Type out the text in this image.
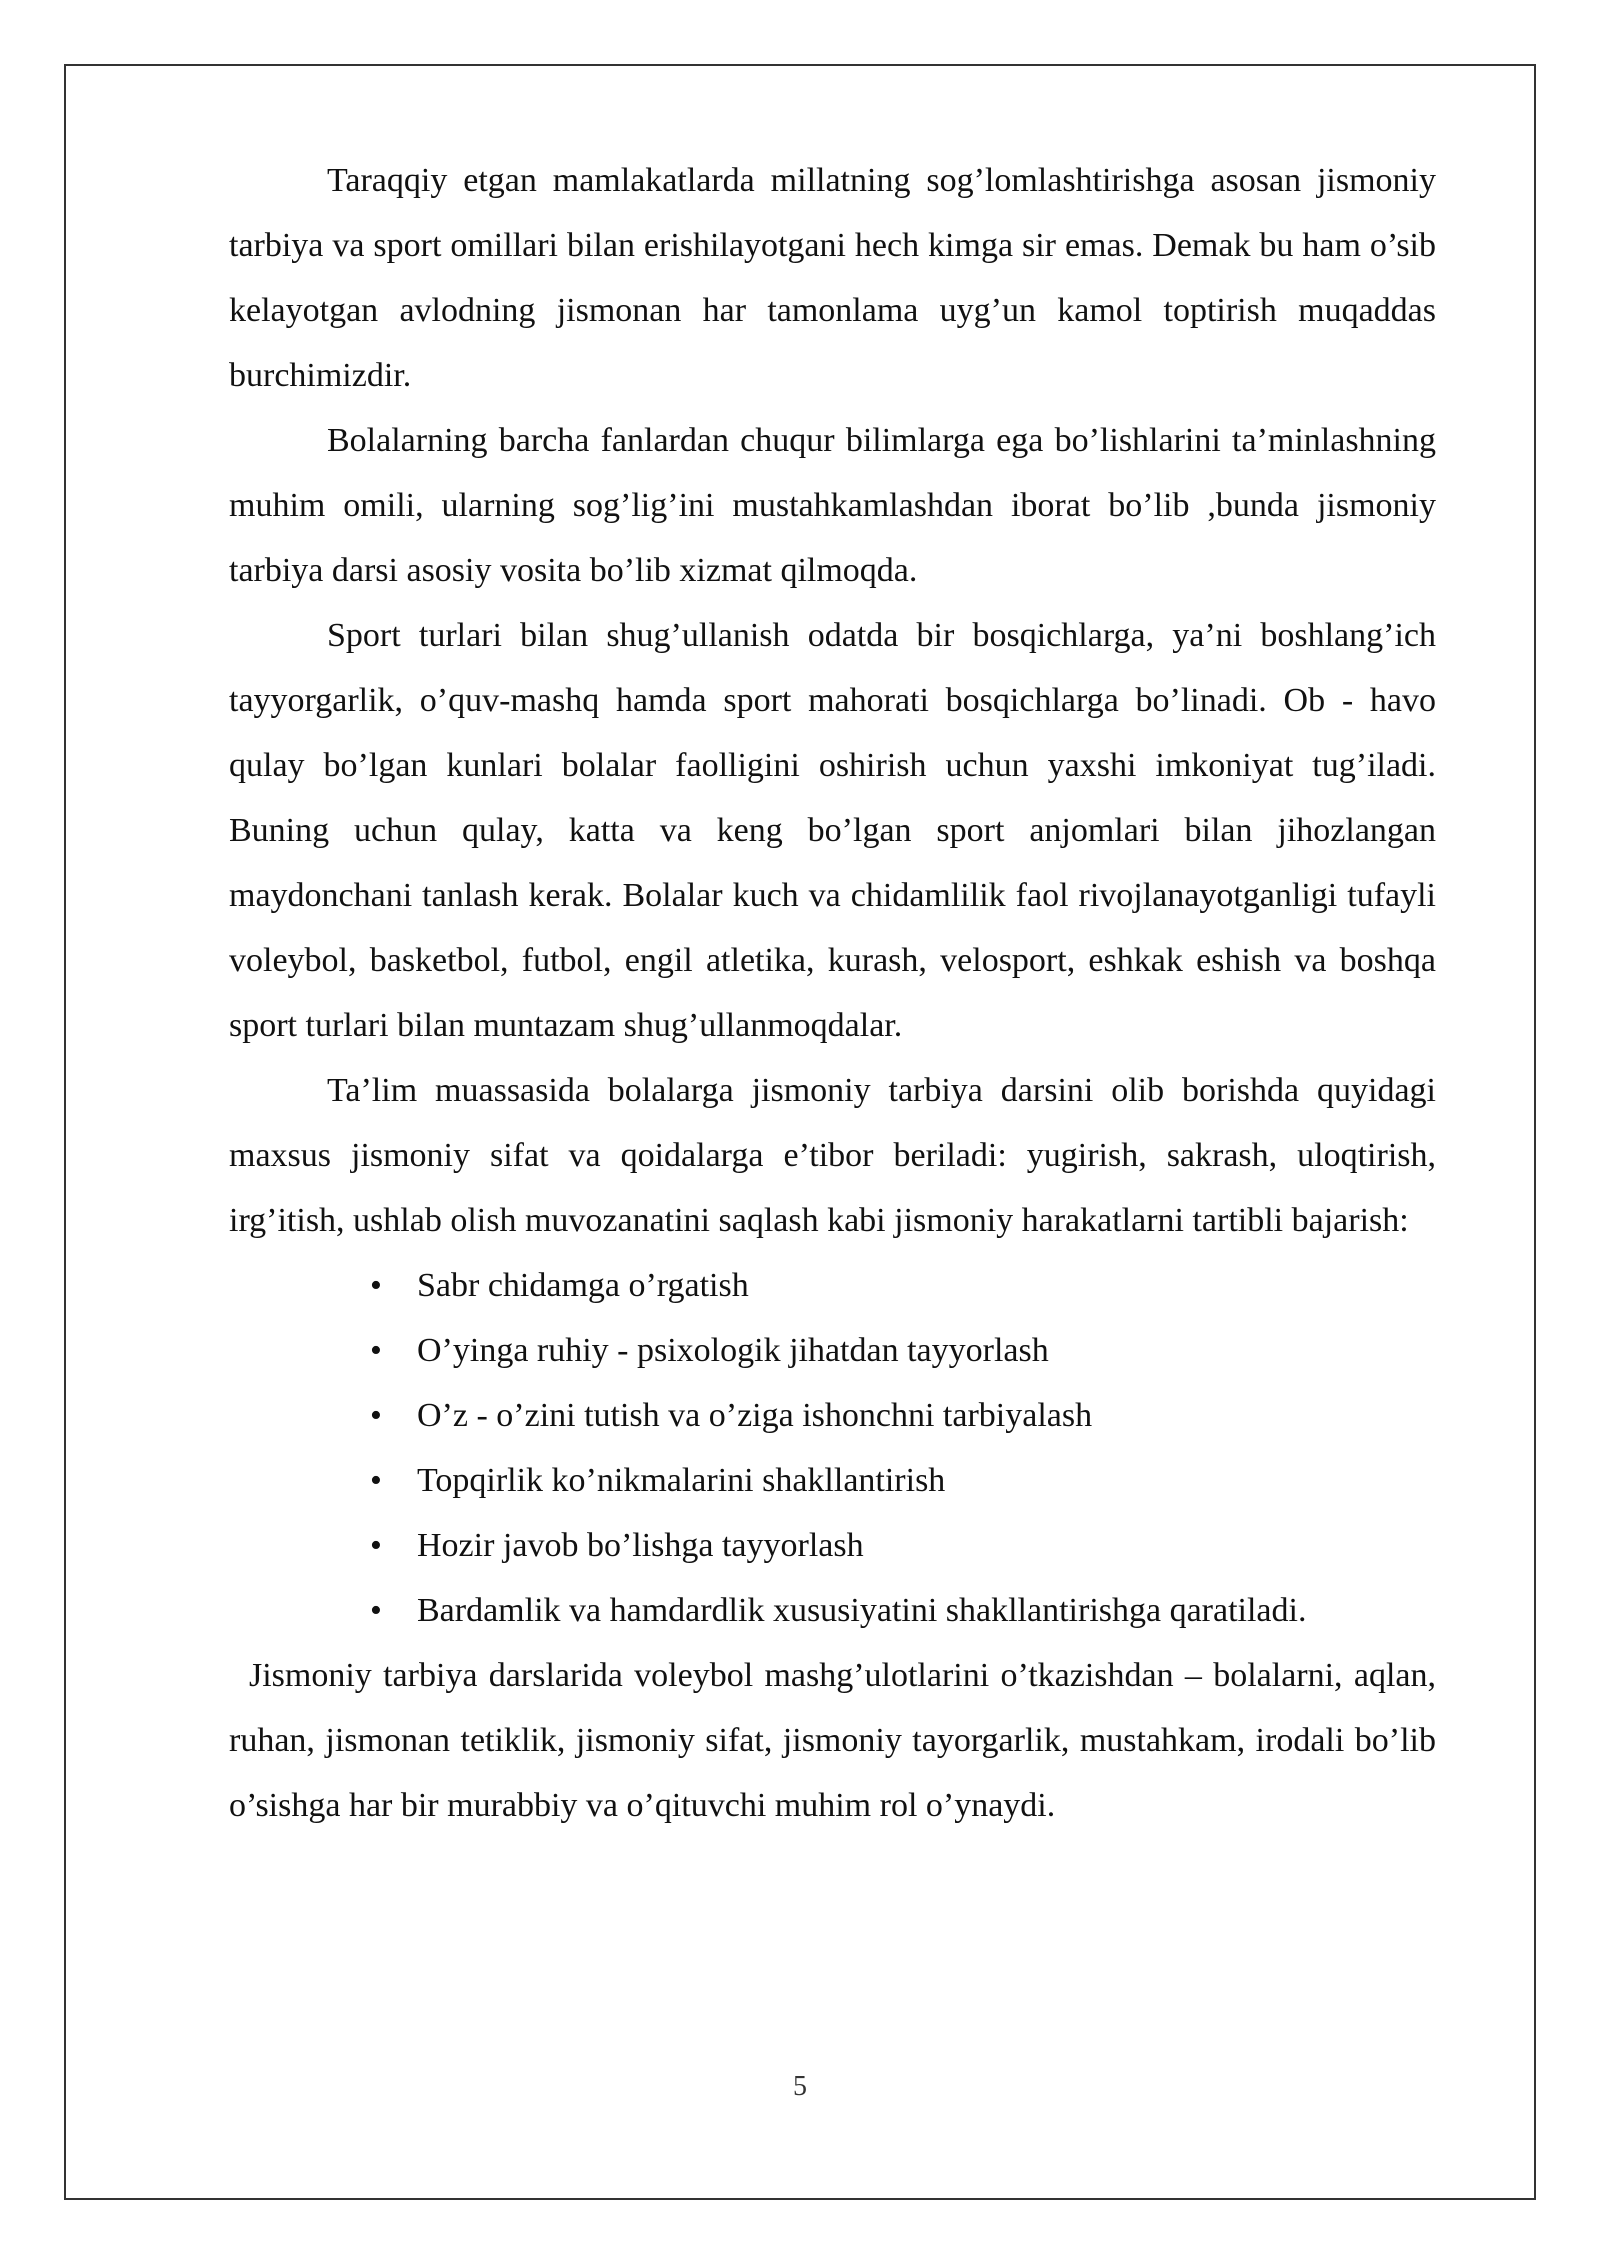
Taraqqiy etgan mamlakatlarda millatning sog’lomlashtirishga asosan jismoniy tarbiya va sport omillari bilan erishilayotgani hech kimga sir emas. Demak bu ham o’sib kelayotgan avlodning jismonan har tamonlama uyg’un kamol toptirish muqaddas burchimizdir.

Bolalarning barcha fanlardan chuqur bilimlarga ega bo’lishlarini ta’minlashning muhim omili, ularning sog’lig’ini mustahkamlashdan iborat bo’lib ,bunda jismoniy tarbiya darsi asosiy vosita bo’lib xizmat qilmoqda.

Sport turlari bilan shug’ullanish odatda bir bosqichlarga, ya’ni boshlang’ich tayyorgarlik, o’quv-mashq hamda sport mahorati bosqichlarga bo’linadi. Ob - havo qulay bo’lgan kunlari bolalar faolligini oshirish uchun yaxshi imkoniyat tug’iladi. Buning uchun qulay, katta va keng bo’lgan sport anjomlari bilan jihozlangan maydonchani tanlash kerak. Bolalar kuch va chidamlilik faol rivojlanayotganligi tufayli voleybol, basketbol, futbol, engil atletika, kurash, velosport, eshkak eshish va boshqa sport turlari bilan muntazam shug’ullanmoqdalar.

Ta’lim muassasida bolalarga jismoniy tarbiya darsini olib borishda quyidagi maxsus jismoniy sifat va qoidalarga e’tibor beriladi: yugirish, sakrash, uloqtirish, irg’itish, ushlab olish muvozanatini saqlash kabi jismoniy harakatlarni tartibli bajarish:

• Sabr chidamga o’rgatish
• O’yinga ruhiy - psixologik jihatdan tayyorlash
• O’z - o’zini tutish va o’ziga ishonchni tarbiyalash
• Topqirlik ko’nikmalarini shakllantirish
• Hozir javob bo’lishga tayyorlash
• Bardamlik va hamdardlik xususiyatini shakllantirishga qaratiladi.

Jismoniy tarbiya darslarida voleybol mashg’ulotlarini o’tkazishdan – bolalarni, aqlan, ruhan, jismonan tetiklik, jismoniy sifat, jismoniy tayorgarlik, mustahkam, irodali bo’lib o’sishga har bir murabbiy va o’qituvchi muhim rol o’ynaydi.

5
